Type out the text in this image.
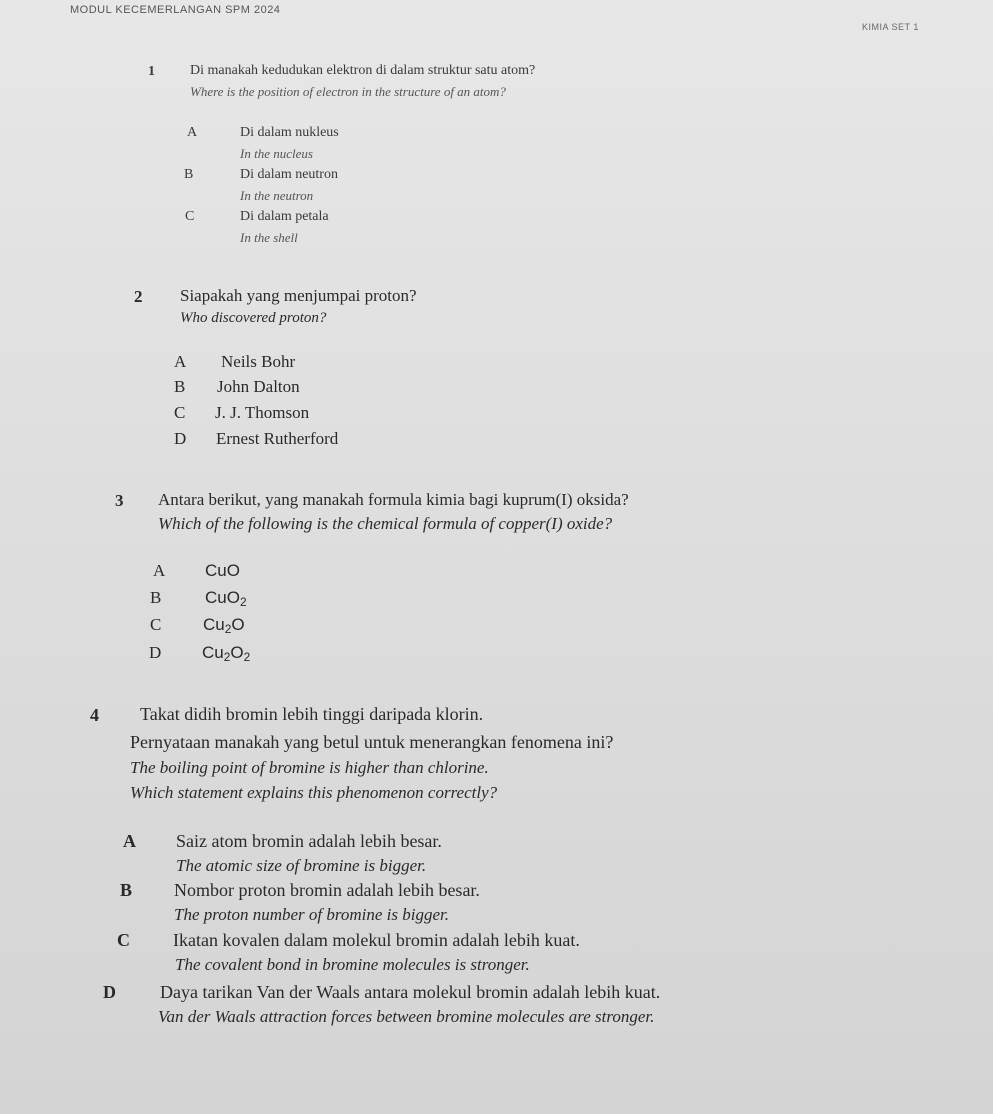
MODUL KECEMERLANGAN SPM 2024
KIMIA SET 1
1	Di manakah kedudukan elektron di dalam struktur satu atom?
Where is the position of electron in the structure of an atom?
A	Di dalam nukleus
In the nucleus
B	Di dalam neutron
In the neutron
C	Di dalam petala
In the shell
2 Siapakah yang menjumpai proton?
Who discovered proton?
A Neils Bohr
B John Dalton
C J. J. Thomson
D Ernest Rutherford
3 Antara berikut, yang manakah formula kimia bagi kuprum(I) oksida?
Which of the following is the chemical formula of copper(I) oxide?
A CuO
B	CuO$_2$
C $Cu_2O$
D $Cu_2O_2$
4 Takat didih bromin lebih tinggi daripada klorin.
Pernyataan manakah yang betul untuk menerangkan fenomena ini?
The boiling point of bromine is higher than chlorine.
Which statement explains this phenomenon correctly?
A Saiz atom bromin adalah lebih besar.
The atomic size of bromine is bigger.
B Nombor proton bromin adalah lebih besar.
The proton number of bromine is bigger.
C Ikatan kovalen dalam molekul bromin adalah lebih kuat.
The covalent bond in bromine molecules is stronger.
D Daya tarikan Van der Waals antara molekul bromin adalah lebih kuat.
Van der Waals attraction forces between bromine molecules are stronger.
